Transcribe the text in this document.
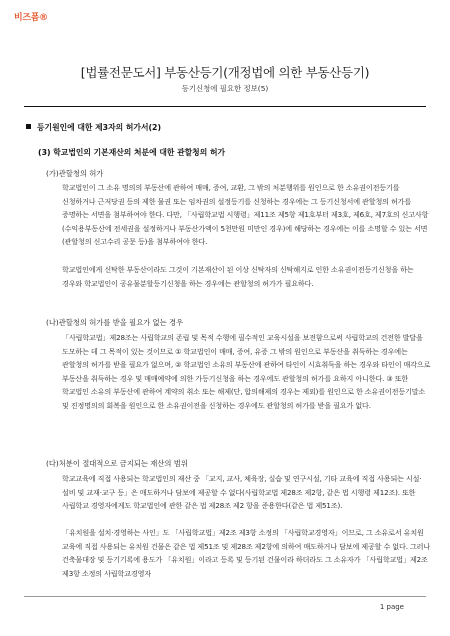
비즈폼®
[법률전문도서] 부동산등기(개정법에 의한 부동산등기)
등기신청에 필요한 정보(5)
등기원인에 대한 제3자의 허가서(2)
(3) 학교법인의 기본재산의 처분에 대한 관할청의 허가
(가)관할청의 허가
학교법인이 그 소유 명의의 부동산에 관하여 매매, 증여, 교환, 그 밖의 처분행위를 원인으로 한 소유권이전등기를 신청하거나 근저당권 등의 제한 물권 또는 임차권의 설정등기를 신청하는 경우에는 그 등기신청서에 관할청의 허가를 증명하는 서면을 첨부하여야 한다. 다만, 「사립학교법 시행령」제11조 제5항 제1호부터 제3호, 제6호, 제7호의 신고사항(수익용부동산에 전세권을 설정하거나 부동산가액이 5천만원 미만인 경우)에 해당하는 경우에는 이를 소명할 수 있는 서면(관할청의 신고수리 공문 등)을 첨부하여야 한다.
학교법인에게 신탁한 부동산이라도 그것이 기본재산이 된 이상 신탁자의 신탁해지로 인한 소유권이전등기신청을 하는 경우와 학교법인이 공유물분할등기신청을 하는 경우에는 관할청의 허가가 필요하다.
(나)관할청의 허가를 받을 필요가 없는 경우
「사립학교법」제28조는 사립학교의 존립 및 목적 수행에 필수적인 교육시설을 보전함으로써 사립학교의 건전한 발달을 도모하는 데 그 목적이 있는 것이므로 ① 학교법인이 매매, 증여, 유증 그 밖의 원인으로 부동산을 취득하는 경우에는 관할청의 허가를 받을 필요가 없으며, ② 학교법인 소유의 부동산에 관하여 타인이 시효취득을 하는 경우와 타인이 매각으로 부동산을 취득하는 경우 및 매매예약에 의한 가등기신청을 하는 경우에도 관할청의 허가를 요하지 아니한다. ③ 또한 학교법인 소유의 부동산에 관하여 계약의 취소 또는 해제(단, 합의해제의 경우는 제외)를 원인으로 한 소유권이전등기말소 및 진정명의의 회복을 원인으로 한 소유권이전을 신청하는 경우에도 관할청의 허가를 받을 필요가 없다.
(다)처분이 절대적으로 금지되는 재산의 범위
학교교육에 직접 사용되는 학교법인의 재산 중 「교지, 교사, 체육장, 실습 및 연구시설, 기타 교육에 직접 사용되는 시설·설비 및 교재·교구 등」은 매도하거나 담보에 제공할 수 없다(사립학교법 제28조 제2항, 같은 법 시행령 제12조). 또한 사립학교 경영자에게도 학교법인에 관한 같은 법 제28조 제2 항을 준용한다(같은 법 제51조).
「유치원을 설치·경영하는 사인」도 「사립학교법」제2조 제3항 소정의 「사립학교경영자」이므로, 그 소유로서 유치원 교육에 직접 사용되는 유치원 건물은 같은 법 제51조 및 제28조 제2항에 의하여 매도하거나 담보에 제공할 수 없다. 그러나 건축물대장 및 등기기록에 용도가 「유치원」이라고 등록 및 등기된 건물이라 하더라도 그 소유자가 「사립학교법」제2조 제3항 소정의 사립학교경영자
1 page
